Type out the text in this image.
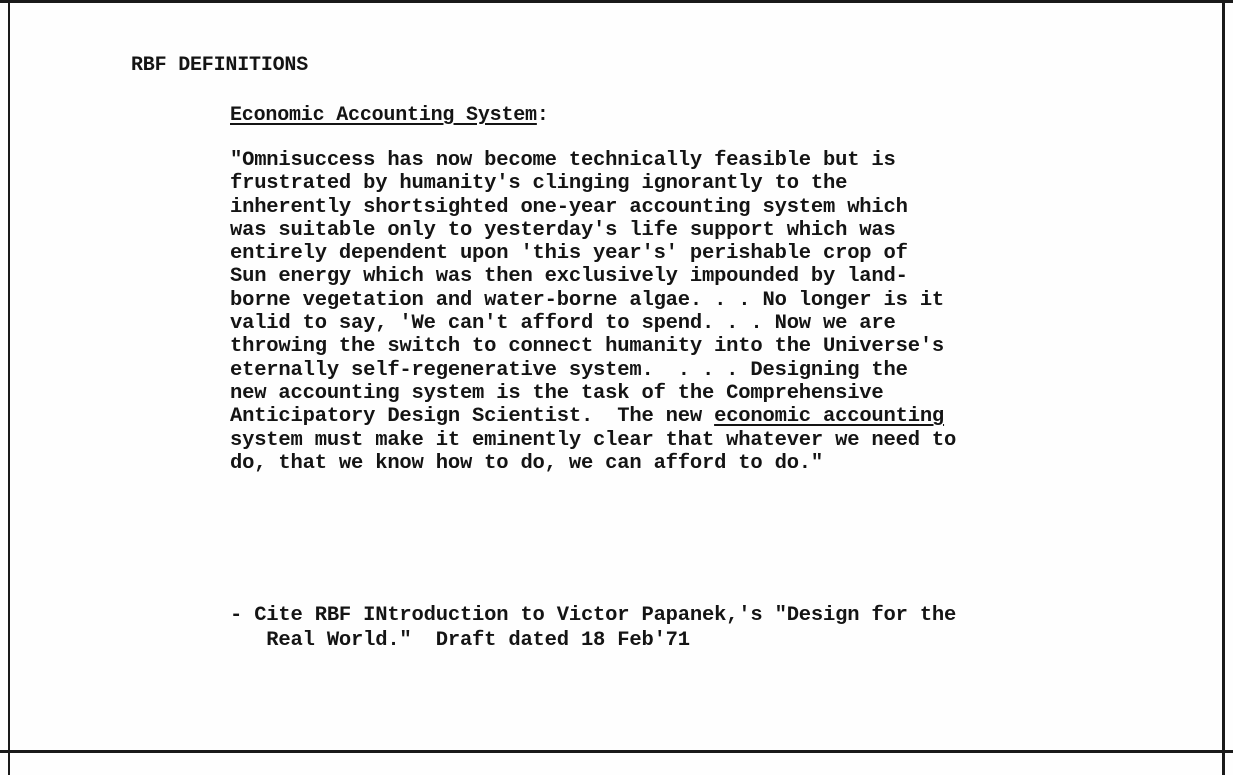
RBF DEFINITIONS

Economic Accounting System:

"Omnisuccess has now become technically feasible but is
frustrated by humanity's clinging ignorantly to the
inherently shortsighted one-year accounting system which
was suitable only to yesterday's life support which was
entirely dependent upon 'this year's' perishable crop of
Sun energy which was then exclusively impounded by land-
borne vegetation and water-borne algae. . . No longer is it
valid to say, 'We can't afford to spend. . . Now we are
throwing the switch to connect humanity into the Universe's
eternally self-regenerative system.  . . . Designing the
new accounting system is the task of the Comprehensive
Anticipatory Design Scientist.  The new economic accounting
system must make it eminently clear that whatever we need to
do, that we know how to do, we can afford to do."

- Cite RBF INtroduction to Victor Papanek,'s "Design for the
Real World."  Draft dated 18 Feb'71
